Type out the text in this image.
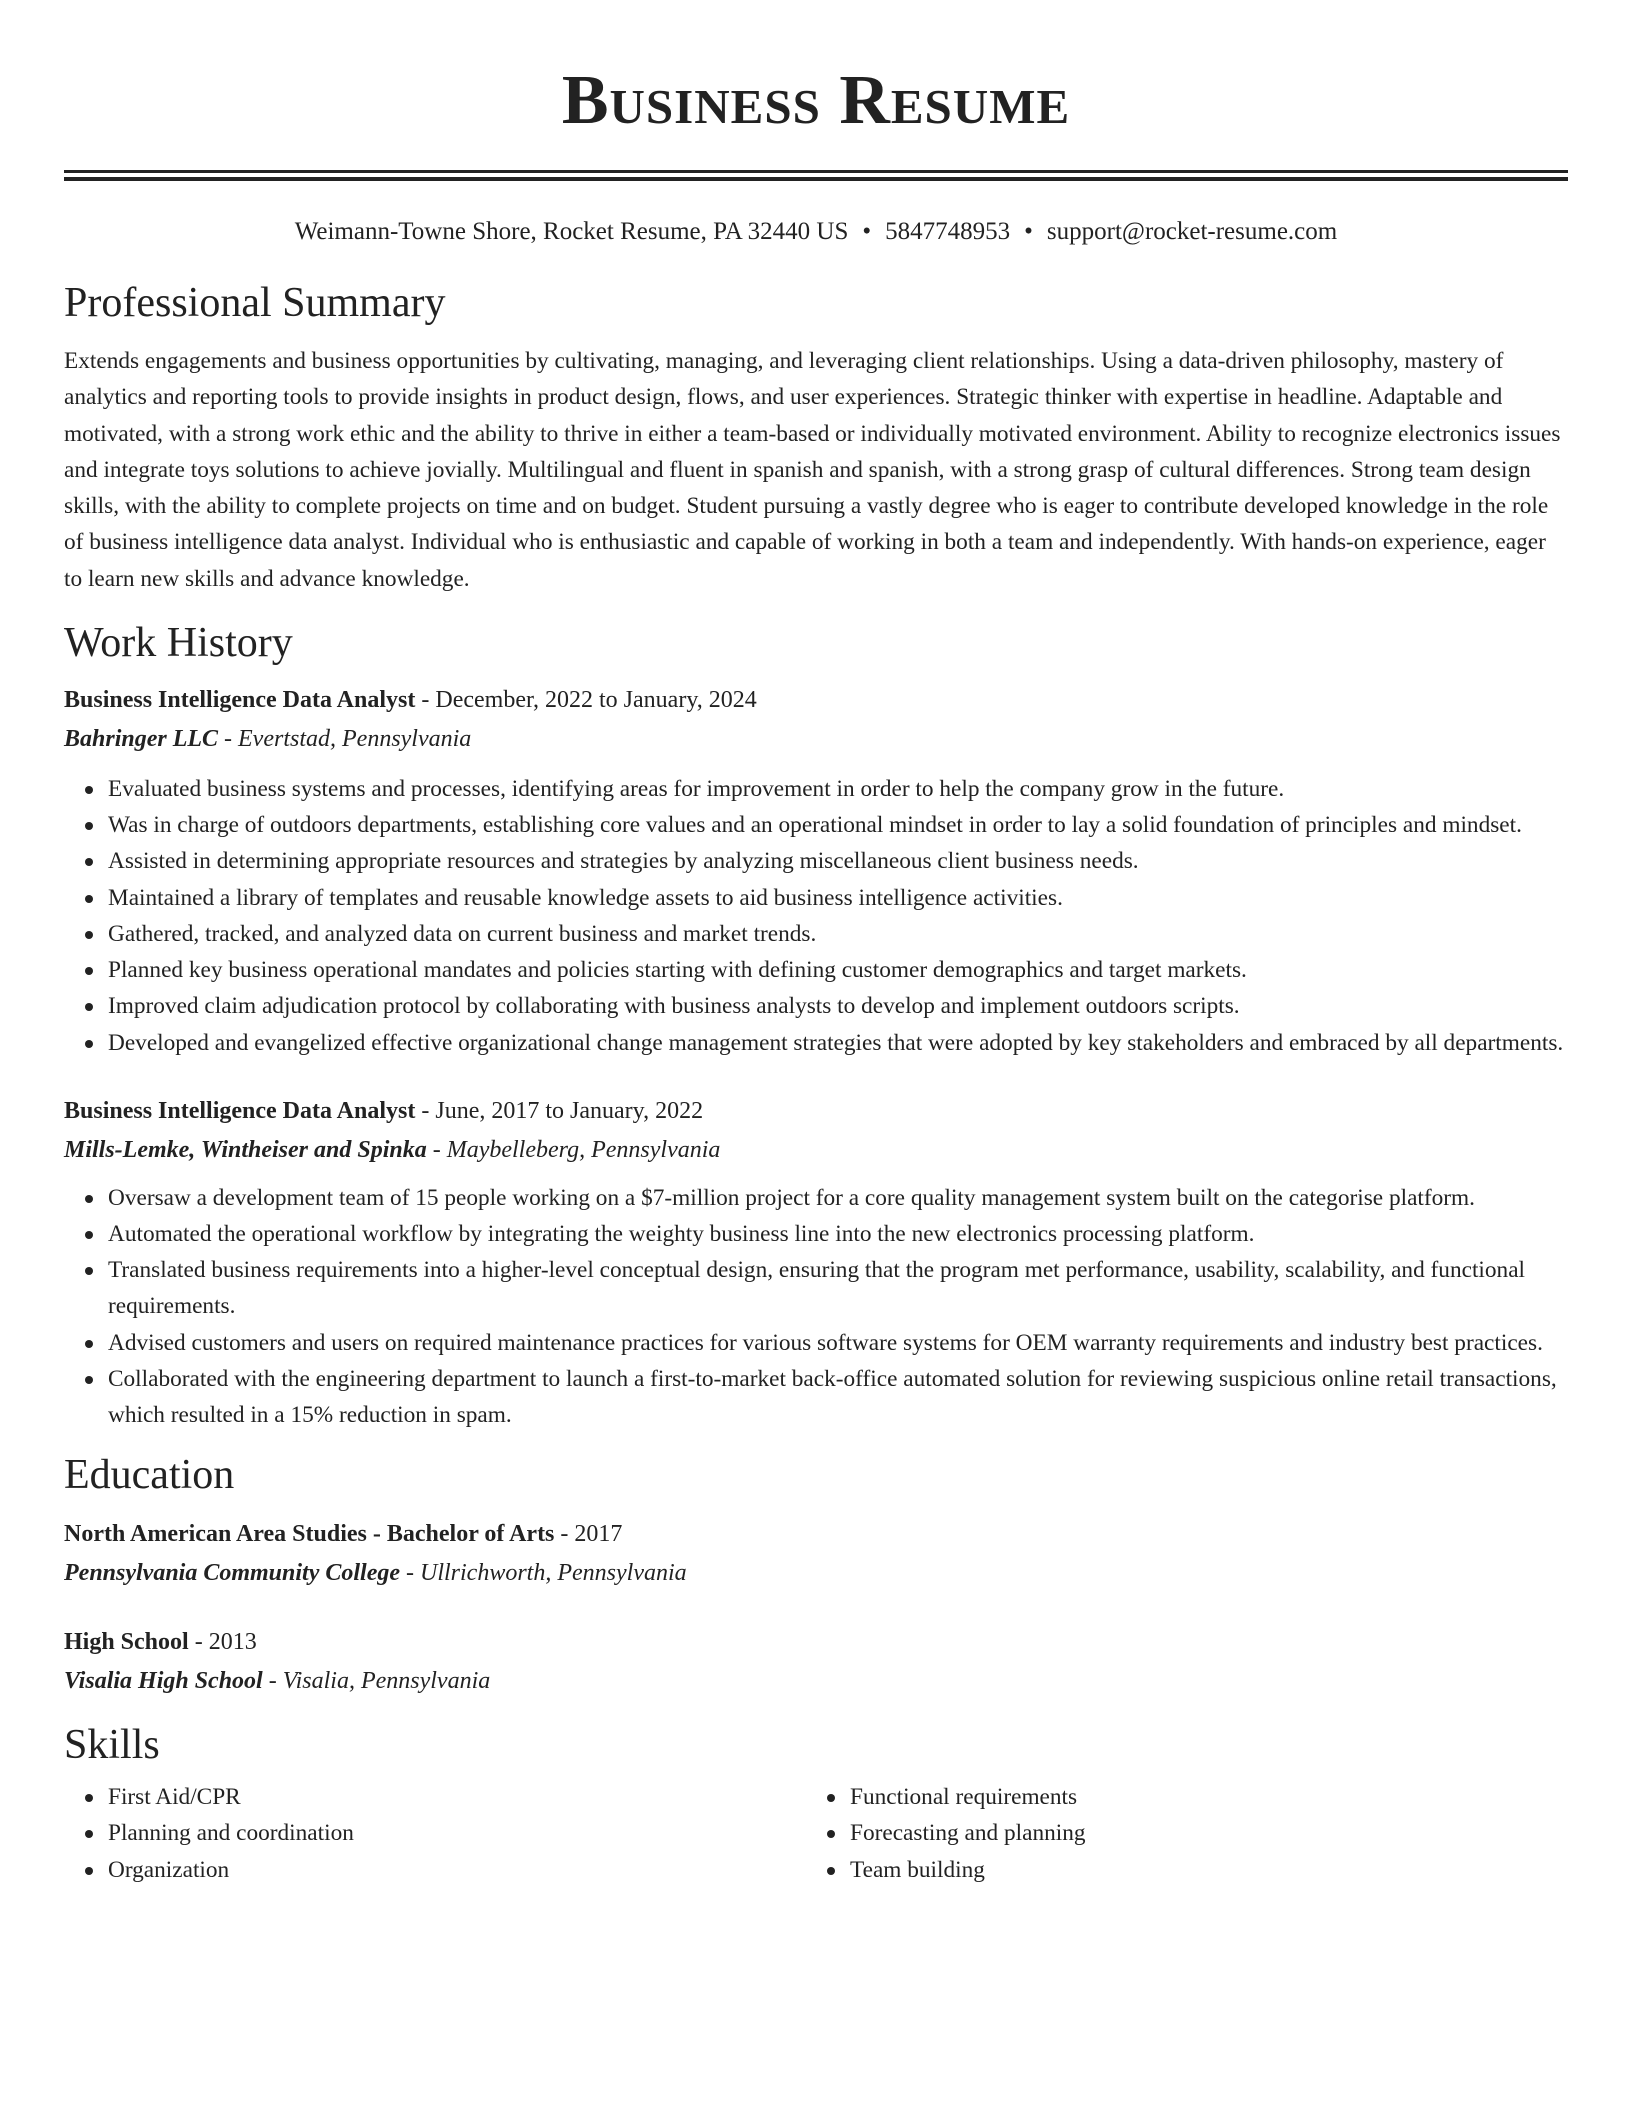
Business Resume
Weimann-Towne Shore, Rocket Resume, PA 32440 US • 5847748953 • support@rocket-resume.com
Professional Summary

Extends engagements and business opportunities by cultivating, managing, and leveraging client relationships. Using a data-driven philosophy, mastery of analytics and reporting tools to provide insights in product design, flows, and user experiences. Strategic thinker with expertise in headline. Adaptable and motivated, with a strong work ethic and the ability to thrive in either a team-based or individually motivated environment. Ability to recognize electronics issues and integrate toys solutions to achieve jovially. Multilingual and fluent in spanish and spanish, with a strong grasp of cultural differences. Strong team design skills, with the ability to complete projects on time and on budget. Student pursuing a vastly degree who is eager to contribute developed knowledge in the role of business intelligence data analyst. Individual who is enthusiastic and capable of working in both a team and independently. With hands-on experience, eager to learn new skills and advance knowledge.

Work History

Business Intelligence Data Analyst - December, 2022 to January, 2024

Bahringer LLC - Evertstad, Pennsylvania

Evaluated business systems and processes, identifying areas for improvement in order to help the company grow in the future.
Was in charge of outdoors departments, establishing core values and an operational mindset in order to lay a solid foundation of principles and mindset.
Assisted in determining appropriate resources and strategies by analyzing miscellaneous client business needs.
Maintained a library of templates and reusable knowledge assets to aid business intelligence activities.
Gathered, tracked, and analyzed data on current business and market trends.
Planned key business operational mandates and policies starting with defining customer demographics and target markets.
Improved claim adjudication protocol by collaborating with business analysts to develop and implement outdoors scripts.
Developed and evangelized effective organizational change management strategies that were adopted by key stakeholders and embraced by all departments.

Business Intelligence Data Analyst - June, 2017 to January, 2022

Mills-Lemke, Wintheiser and Spinka - Maybelleberg, Pennsylvania

Oversaw a development team of 15 people working on a $7-million project for a core quality management system built on the categorise platform.
Automated the operational workflow by integrating the weighty business line into the new electronics processing platform.
Translated business requirements into a higher-level conceptual design, ensuring that the program met performance, usability, scalability, and functional requirements.
Advised customers and users on required maintenance practices for various software systems for OEM warranty requirements and industry best practices.
Collaborated with the engineering department to launch a first-to-market back-office automated solution for reviewing suspicious online retail transactions, which resulted in a 15% reduction in spam.
Education

North American Area Studies - Bachelor of Arts - 2017

Pennsylvania Community College - Ullrichworth, Pennsylvania

High School - 2013

Visalia High School - Visalia, Pennsylvania

Skills
First Aid/CPR
Planning and coordination
Organization
Functional requirements
Forecasting and planning
Team building
